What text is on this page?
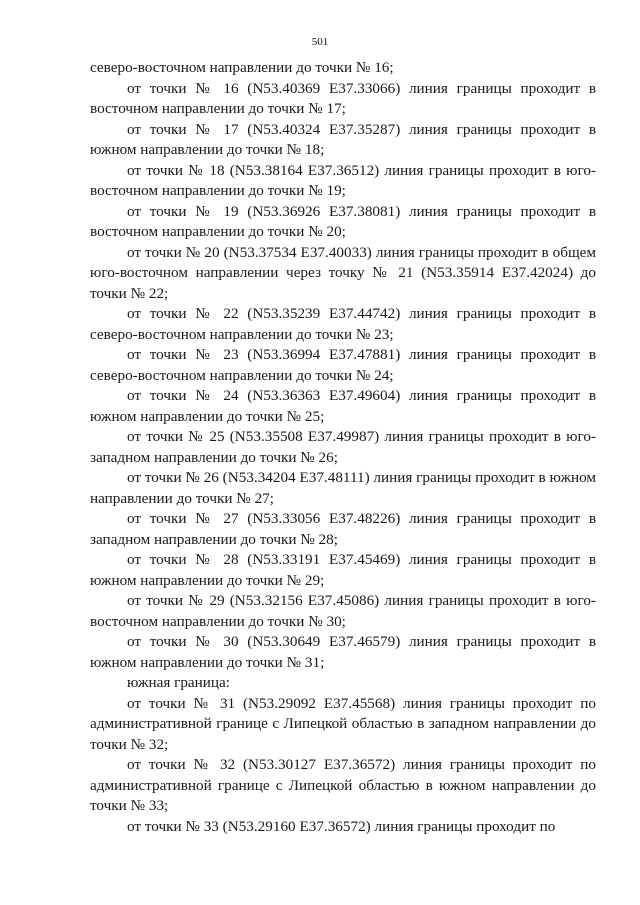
501

северо-восточном направлении до точки № 16;

от точки № 16 (N53.40369 E37.33066) линия границы проходит в восточном направлении до точки № 17;

от точки № 17 (N53.40324 E37.35287) линия границы проходит в южном направлении до точки № 18;

от точки № 18 (N53.38164 E37.36512) линия границы проходит в юго-восточном направлении до точки № 19;

от точки № 19 (N53.36926 E37.38081) линия границы проходит в восточном направлении до точки № 20;

от точки № 20 (N53.37534 E37.40033) линия границы проходит в общем юго-восточном направлении через точку № 21 (N53.35914 E37.42024) до точки № 22;

от точки № 22 (N53.35239 E37.44742) линия границы проходит в северо-восточном направлении до точки № 23;

от точки № 23 (N53.36994 E37.47881) линия границы проходит в северо-восточном направлении до точки № 24;

от точки № 24 (N53.36363 E37.49604) линия границы проходит в южном направлении до точки № 25;

от точки № 25 (N53.35508 E37.49987) линия границы проходит в юго-западном направлении до точки № 26;

от точки № 26 (N53.34204 E37.48111) линия границы проходит в южном направлении до точки № 27;

от точки № 27 (N53.33056 E37.48226) линия границы проходит в западном направлении до точки № 28;

от точки № 28 (N53.33191 E37.45469) линия границы проходит в южном направлении до точки № 29;

от точки № 29 (N53.32156 E37.45086) линия границы проходит в юго-восточном направлении до точки № 30;

от точки № 30 (N53.30649 E37.46579) линия границы проходит в южном направлении до точки № 31;

южная граница:

от точки № 31 (N53.29092 E37.45568) линия границы проходит по административной границе с Липецкой областью в западном направлении до точки № 32;

от точки № 32 (N53.30127 E37.36572) линия границы проходит по административной границе с Липецкой областью в южном направлении до точки № 33;

от точки № 33 (N53.29160 E37.36572) линия границы проходит по
